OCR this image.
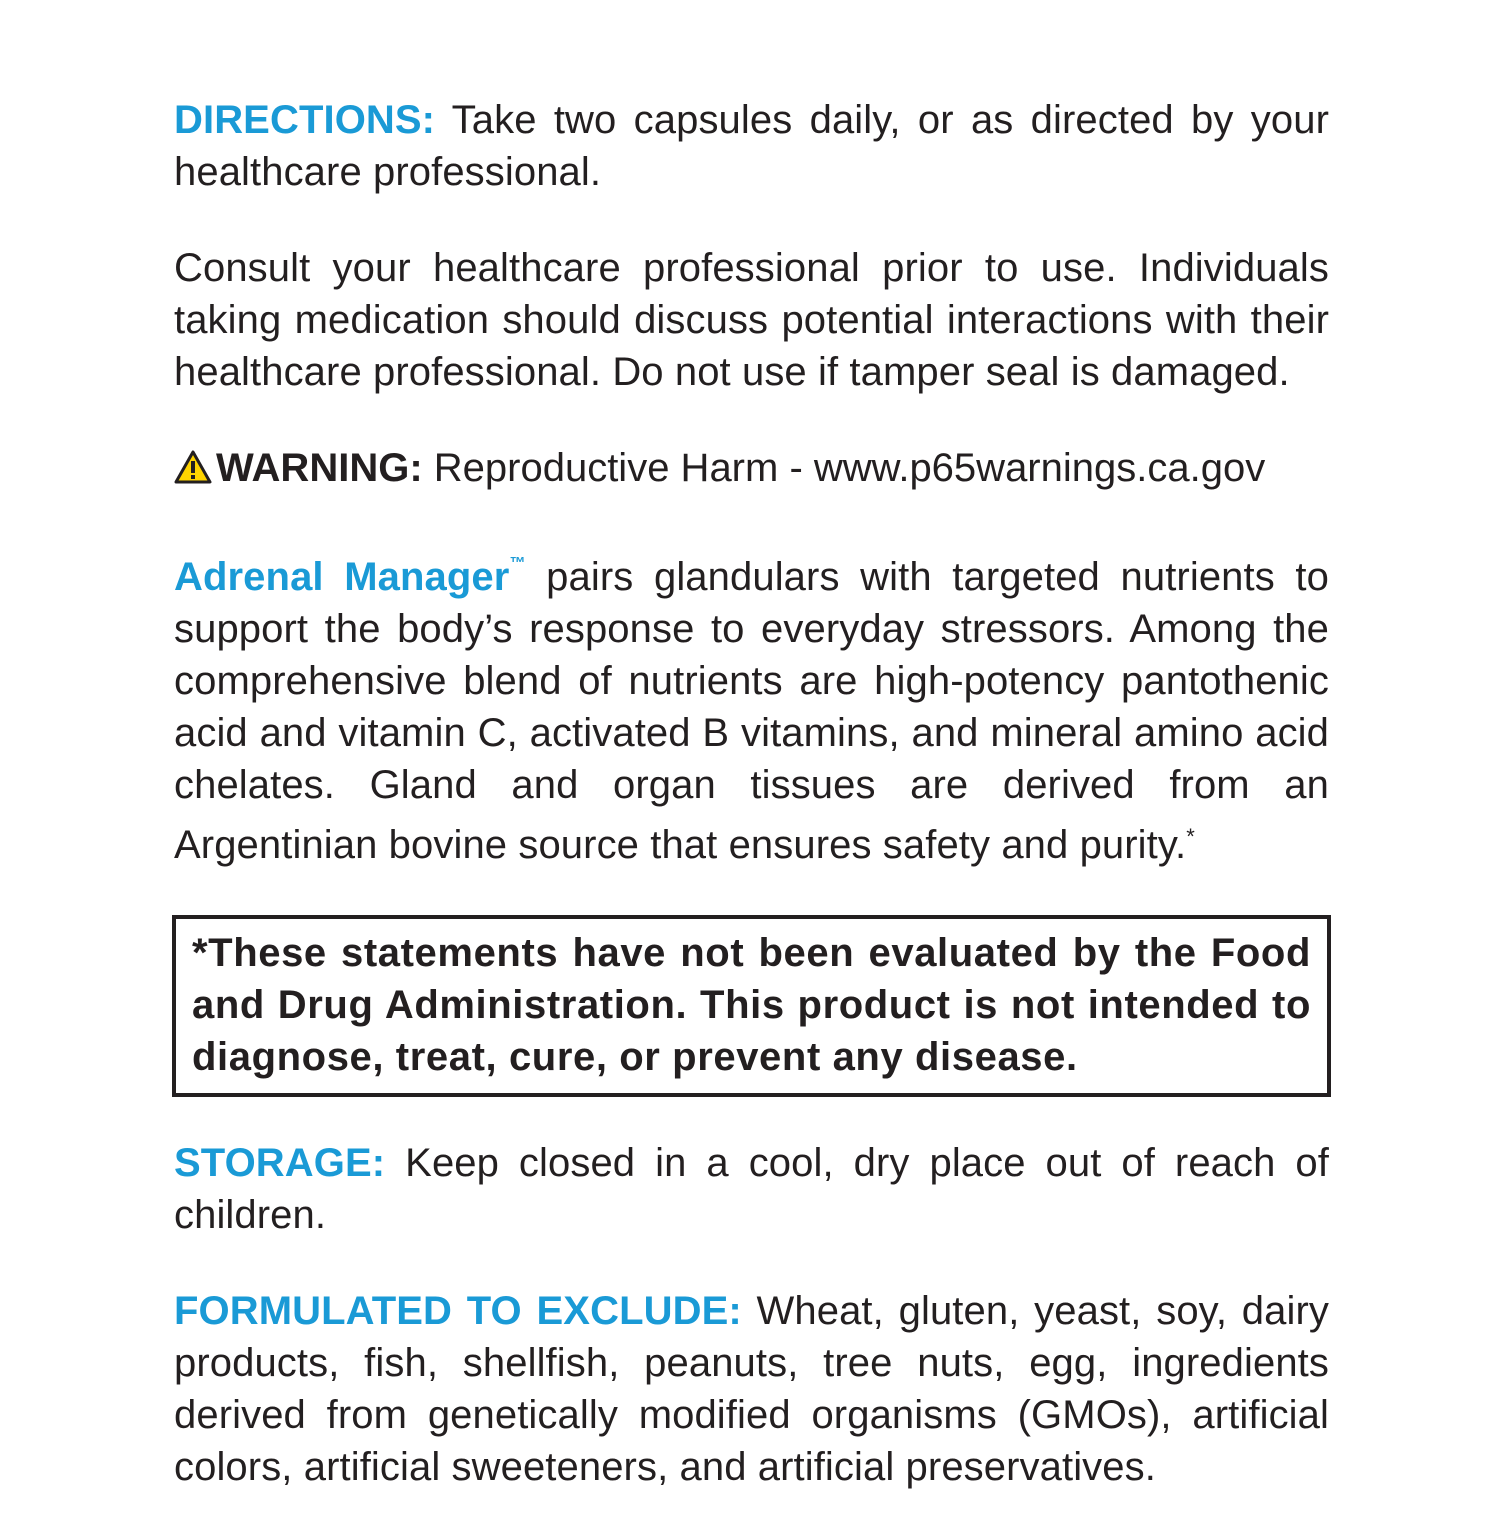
DIRECTIONS: Take two capsules daily, or as directed by your healthcare professional.

Consult your healthcare professional prior to use. Individuals taking medication should discuss potential interactions with their healthcare professional. Do not use if tamper seal is damaged.

WARNING: Reproductive Harm - www.p65warnings.ca.gov

Adrenal Manager™ pairs glandulars with targeted nutrients to support the body’s response to everyday stressors. Among the comprehensive blend of nutrients are high-potency pantothenic acid and vitamin C, activated B vitamins, and mineral amino acid chelates. Gland and organ tissues are derived from an Argentinian bovine source that ensures safety and purity.*

*These statements have not been evaluated by the Food and Drug Administration. This product is not intended to diagnose, treat, cure, or prevent any disease.

STORAGE: Keep closed in a cool, dry place out of reach of children.

FORMULATED TO EXCLUDE: Wheat, gluten, yeast, soy, dairy products, fish, shellfish, peanuts, tree nuts, egg, ingredients derived from genetically modified organisms (GMOs), artificial colors, artificial sweeteners, and artificial preservatives.
